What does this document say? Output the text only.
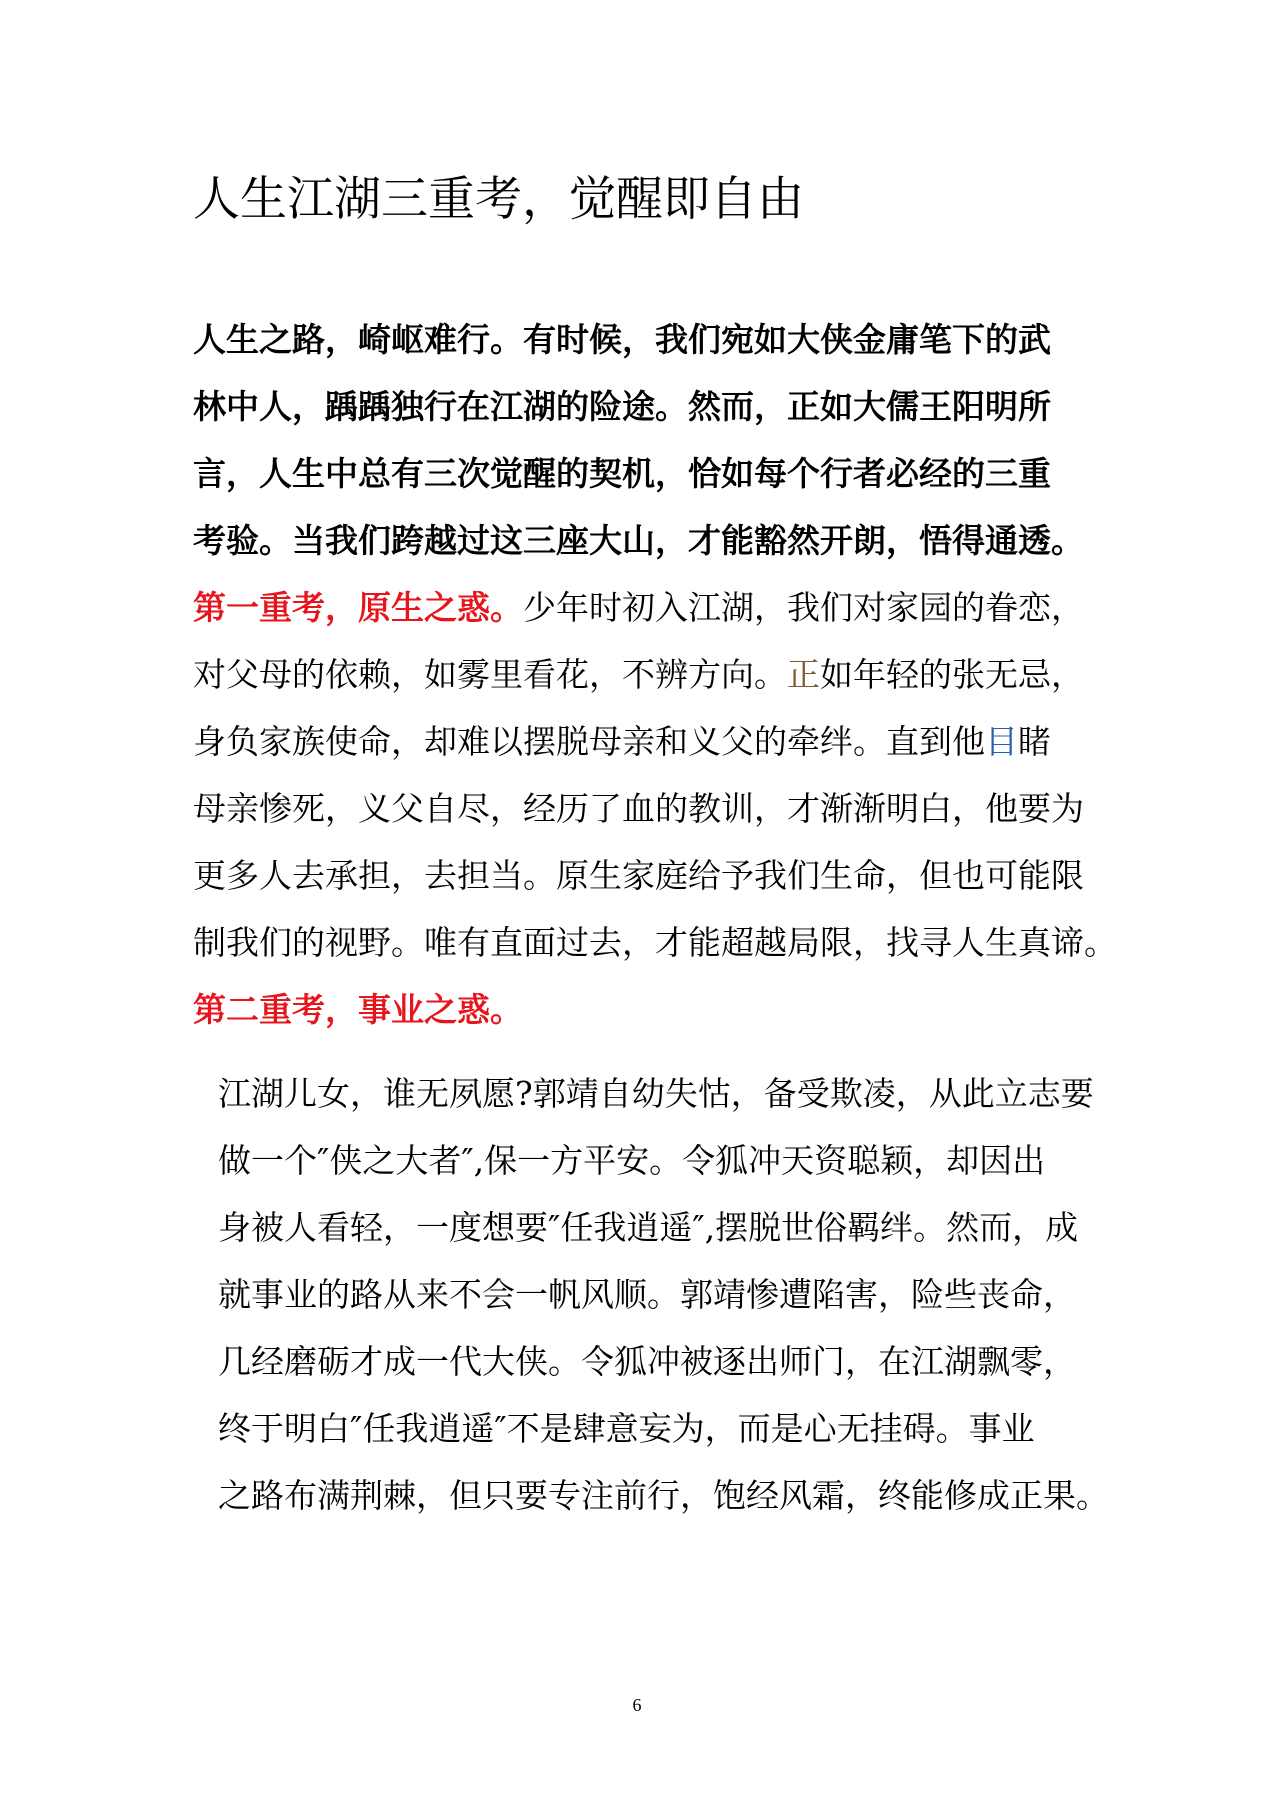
人生江湖三重考，觉醒即自由
人生之路，崎岖难行。有时候，我们宛如大侠金庸笔下的武
林中人，踽踽独行在江湖的险途。然而，正如大儒王阳明所
言，人生中总有三次觉醒的契机，恰如每个行者必经的三重
考验。当我们跨越过这三座大山，才能豁然开朗，悟得通透。
第一重考，原生之惑。少年时初入江湖，我们对家园的眷恋，
对父母的依赖，如雾里看花，不辨方向。正如年轻的张无忌，
身负家族使命，却难以摆脱母亲和义父的牵绊。直到他目睹
母亲惨死，义父自尽，经历了血的教训，才渐渐明白，他要为
更多人去承担，去担当。原生家庭给予我们生命，但也可能限
制我们的视野。唯有直面过去，才能超越局限，找寻人生真谛。
第二重考，事业之惑。
江湖儿女，谁无夙愿?郭靖自幼失怙，备受欺凌，从此立志要
做一个″侠之大者″,保一方平安。令狐冲天资聪颖，却因出
身被人看轻，一度想要″任我逍遥″,摆脱世俗羁绊。然而，成
就事业的路从来不会一帆风顺。郭靖惨遭陷害，险些丧命，
几经磨砺才成一代大侠。令狐冲被逐出师门，在江湖飘零，
终于明白″任我逍遥″不是肆意妄为，而是心无挂碍。事业
之路布满荆棘，但只要专注前行，饱经风霜，终能修成正果。
6
